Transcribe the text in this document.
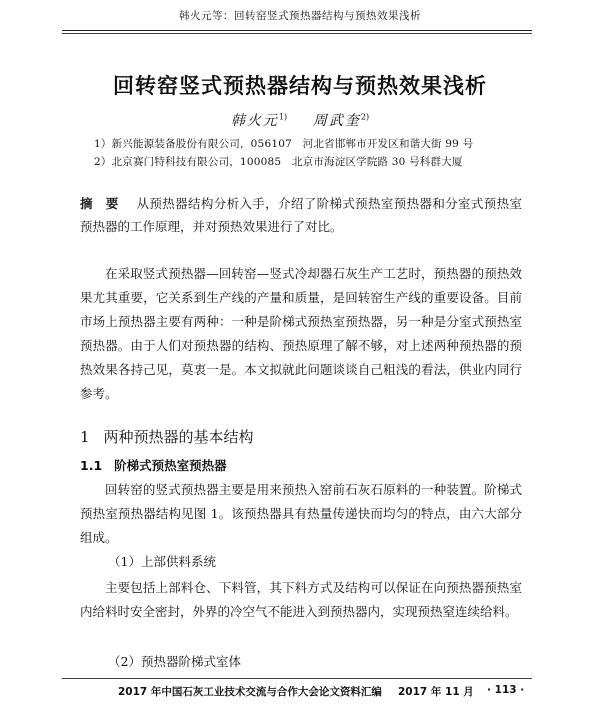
韩火元等：回转窑竖式预热器结构与预热效果浅析
回转窑竖式预热器结构与预热效果浅析
韩火元$^{1)}$ 周武奎$^{2)}$
1）新兴能源装备股份有限公司，056107　河北省邯郸市开发区和谐大街 99 号
2）北京赛门特科技有限公司，100085　北京市海淀区学院路 30 号科群大厦
摘　要 从预热器结构分析入手，介绍了阶梯式预热室预热器和分室式预热室预热器的工作原理，并对预热效果进行了对比。
在采取竖式预热器—回转窑—竖式冷却器石灰生产工艺时，预热器的预热效果尤其重要，它关系到生产线的产量和质量，是回转窑生产线的重要设备。目前市场上预热器主要有两种：一种是阶梯式预热室预热器，另一种是分室式预热室预热器。由于人们对预热器的结构、预热原理了解不够，对上述两种预热器的预热效果各持己见，莫衷一是。本文拟就此问题谈谈自己粗浅的看法，供业内同行参考。
1 两种预热器的基本结构
1.1 阶梯式预热室预热器
回转窑的竖式预热器主要是用来预热入窑前石灰石原料的一种装置。阶梯式预热室预热器结构见图 1。该预热器具有热量传递快而均匀的特点，由六大部分组成。
（1）上部供料系统
主要包括上部料仓、下料管，其下料方式及结构可以保证在向预热器预热室内给料时安全密封，外界的冷空气不能进入到预热器内，实现预热窒连续给料。
（2）预热器阶梯式室体
2017 年中国石灰工业技术交流与合作大会论文资料汇编 2017 年 11 月 · 113 ·
